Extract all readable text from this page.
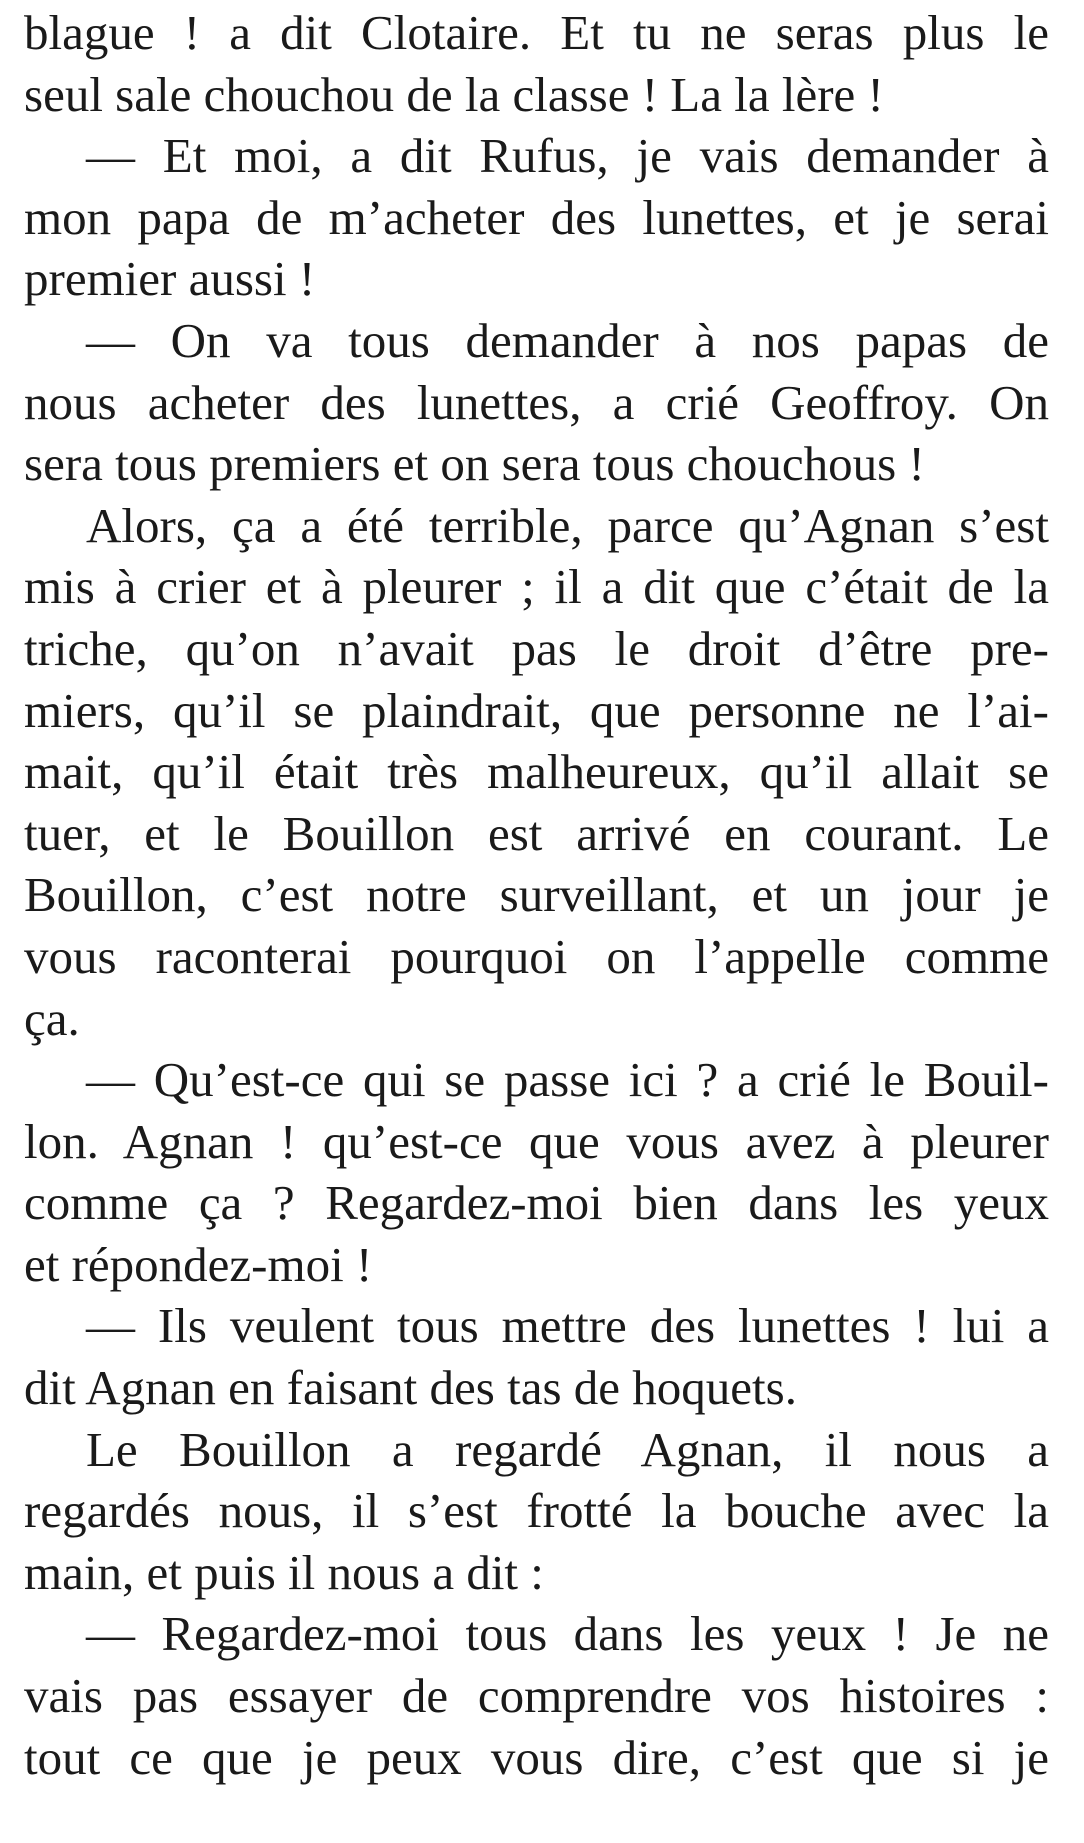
blague ! a dit Clotaire. Et tu ne seras plus le
seul sale chouchou de la classe ! La la lère !
— Et moi, a dit Rufus, je vais demander à
mon papa de m’acheter des lunettes, et je serai
premier aussi !
— On va tous demander à nos papas de
nous acheter des lunettes, a crié Geoffroy. On
sera tous premiers et on sera tous chouchous !
Alors, ça a été terrible, parce qu’Agnan s’est
mis à crier et à pleurer ; il a dit que c’était de la
triche, qu’on n’avait pas le droit d’être pre-
miers, qu’il se plaindrait, que personne ne l’ai-
mait, qu’il était très malheureux, qu’il allait se
tuer, et le Bouillon est arrivé en courant. Le
Bouillon, c’est notre surveillant, et un jour je
vous raconterai pourquoi on l’appelle comme
ça.
— Qu’est-ce qui se passe ici ? a crié le Bouil-
lon. Agnan ! qu’est-ce que vous avez à pleurer
comme ça ? Regardez-moi bien dans les yeux
et répondez-moi !
— Ils veulent tous mettre des lunettes ! lui a
dit Agnan en faisant des tas de hoquets.
Le Bouillon a regardé Agnan, il nous a
regardés nous, il s’est frotté la bouche avec la
main, et puis il nous a dit :
— Regardez-moi tous dans les yeux ! Je ne
vais pas essayer de comprendre vos histoires :
tout ce que je peux vous dire, c’est que si je
